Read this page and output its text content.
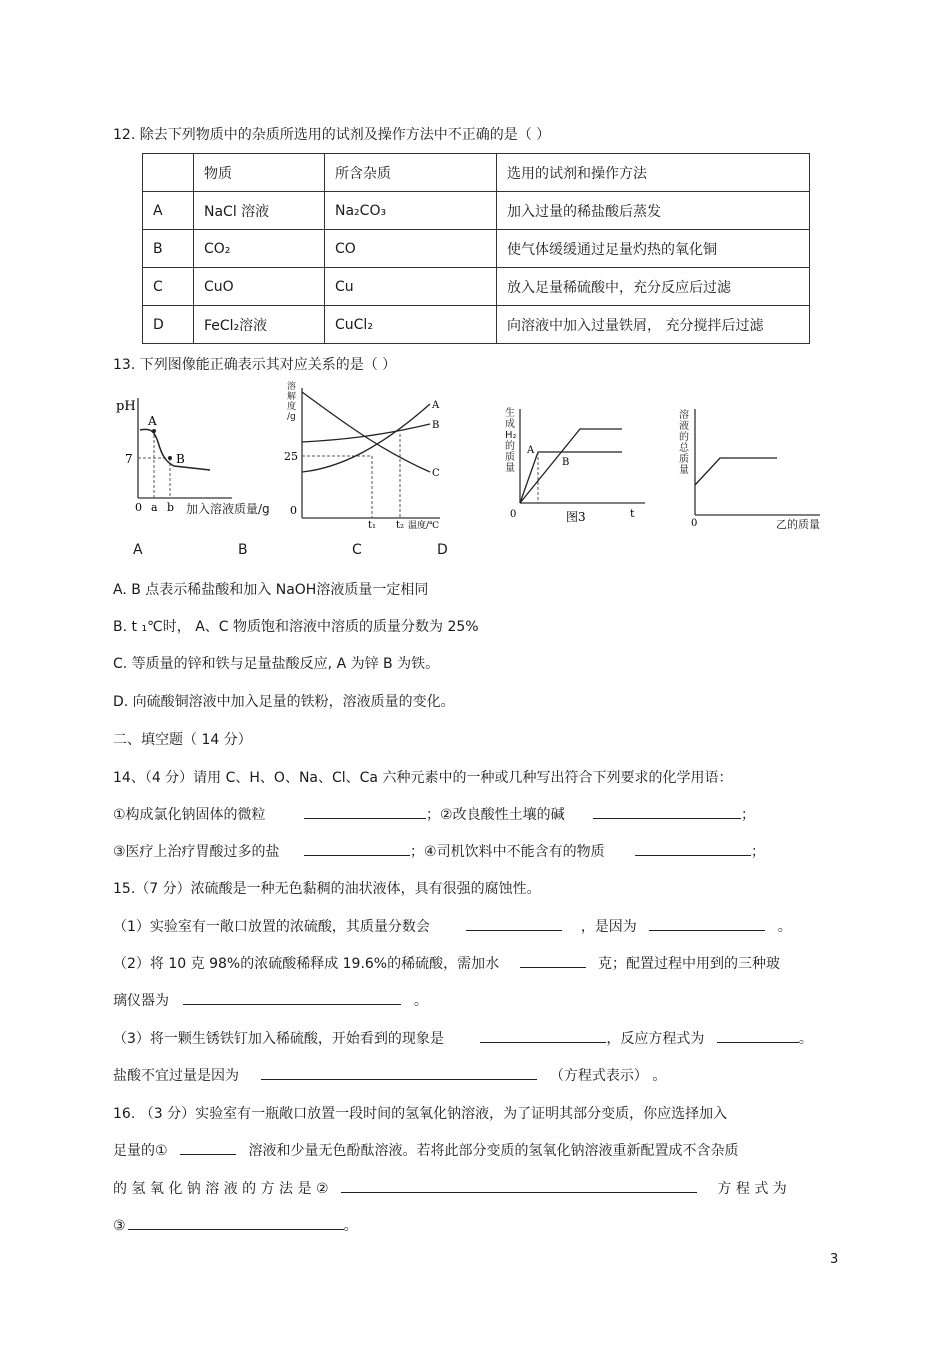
12. 除去下列物质中的杂质所选用的试剂及操作方法中不正确的是（ ）
	物质	所含杂质	选用的试剂和操作方法
A	NaCl 溶液	Na₂CO₃	加入过量的稀盐酸后蒸发
B	CO₂	CO	使气体缓缓通过足量灼热的氧化铜
C	CuO	Cu	放入足量稀硫酸中，充分反应后过滤
D	FeCl₂溶液	CuCl₂	向溶液中加入过量铁屑， 充分搅拌后过滤
13. 下列图像能正确表示其对应关系的是（ ）
pH
A
B
7
0 a b 加入溶液质量/g
A
B
C
25
0
t₁ t₂ 温度/℃
溶
解
度
/g
A
B
0	图3	t
生成H₂的质量
0
溶液的总质量
乙的质量
A	B	C	D
A. B 点表示稀盐酸和加入 NaOH溶液质量一定相同
B. t ₁℃时， A、C 物质饱和溶液中溶质的质量分数为 25%
C. 等质量的锌和铁与足量盐酸反应, A 为锌 B 为铁。
D. 向硫酸铜溶液中加入足量的铁粉，溶液质量的变化。
二、填空题（ 14 分）
14、（4 分）请用 C、H、O、Na、Cl、Ca 六种元素中的一种或几种写出符合下列要求的化学用语：
①构成氯化钠固体的微粒	；②改良酸性土壤的碱	；
③医疗上治疗胃酸过多的盐	；④司机饮料中不能含有的物质	；
15.（7 分）浓硫酸是一种无色黏稠的油状液体，具有很强的腐蚀性。
（1）实验室有一敞口放置的浓硫酸，其质量分数会	，是因为	。
（2）将 10 克 98%的浓硫酸稀释成 19.6%的稀硫酸，需加水	克；配置过程中用到的三种玻
璃仪器为	。
（3）将一颗生锈铁钉加入稀硫酸，开始看到的现象是	，反应方程式为	。
盐酸不宜过量是因为	（方程式表示） 。
16. （3 分）实验室有一瓶敞口放置一段时间的氢氧化钠溶液，为了证明其部分变质，你应选择加入
足量的①	溶液和少量无色酚酞溶液。若将此部分变质的氢氧化钠溶液重新配置成不含杂质
的 氢 氧 化 钠 溶 液 的 方 法 是 ②	方 程 式 为
③	。
3
